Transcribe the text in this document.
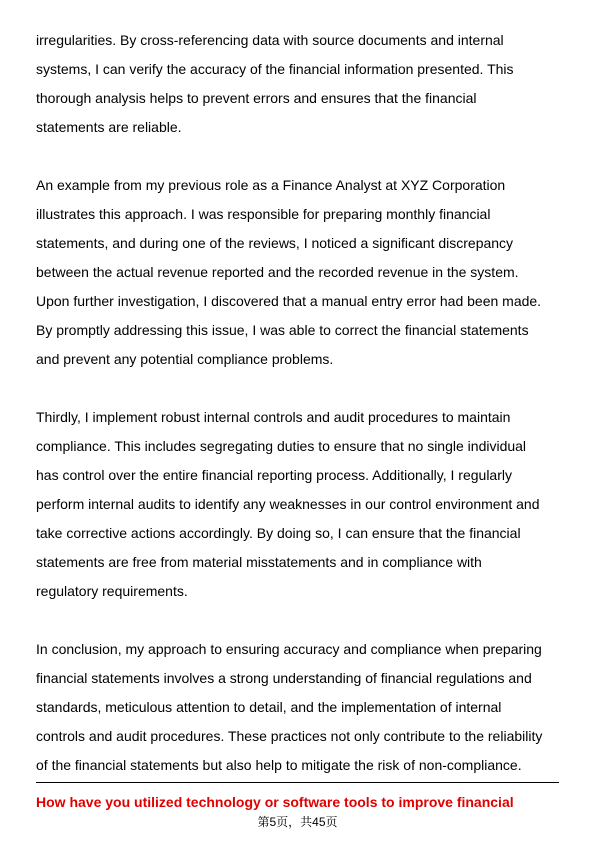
irregularities. By cross-referencing data with source documents and internal
systems, I can verify the accuracy of the financial information presented. This
thorough analysis helps to prevent errors and ensures that the financial
statements are reliable.
An example from my previous role as a Finance Analyst at XYZ Corporation
illustrates this approach. I was responsible for preparing monthly financial
statements, and during one of the reviews, I noticed a significant discrepancy
between the actual revenue reported and the recorded revenue in the system.
Upon further investigation, I discovered that a manual entry error had been made.
By promptly addressing this issue, I was able to correct the financial statements
and prevent any potential compliance problems.
Thirdly, I implement robust internal controls and audit procedures to maintain
compliance. This includes segregating duties to ensure that no single individual
has control over the entire financial reporting process. Additionally, I regularly
perform internal audits to identify any weaknesses in our control environment and
take corrective actions accordingly. By doing so, I can ensure that the financial
statements are free from material misstatements and in compliance with
regulatory requirements.
In conclusion, my approach to ensuring accuracy and compliance when preparing
financial statements involves a strong understanding of financial regulations and
standards, meticulous attention to detail, and the implementation of internal
controls and audit procedures. These practices not only contribute to the reliability
of the financial statements but also help to mitigate the risk of non-compliance.
How have you utilized technology or software tools to improve financial
第5页，共45页
